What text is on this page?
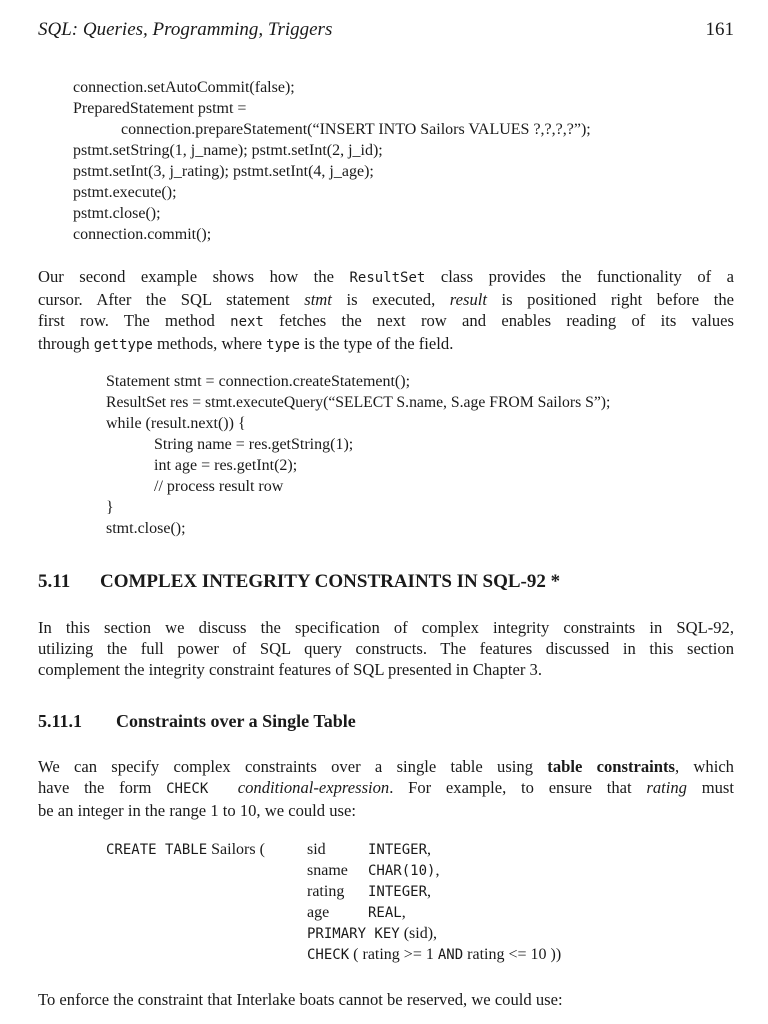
SQL: Queries, Programming, Triggers	161
connection.setAutoCommit(false);
PreparedStatement pstmt =
connection.prepareStatement(“INSERT INTO Sailors VALUES ?,?,?,?”);
pstmt.setString(1, j_name); pstmt.setInt(2, j_id);
pstmt.setInt(3, j_rating); pstmt.setInt(4, j_age);
pstmt.execute();
pstmt.close();
connection.commit();
Our second example shows how the ResultSet class provides the functionality of a
cursor. After the SQL statement stmt is executed, result is positioned right before the
first row. The method next fetches the next row and enables reading of its values
through gettype methods, where type is the type of the field.
Statement stmt = connection.createStatement();
ResultSet res = stmt.executeQuery(“SELECT S.name, S.age FROM Sailors S”);
while (result.next()) {
String name = res.getString(1);
int age = res.getInt(2);
// process result row
}
stmt.close();
5.11 COMPLEX INTEGRITY CONSTRAINTS IN SQL-92 *
In this section we discuss the specification of complex integrity constraints in SQL-92,
utilizing the full power of SQL query constructs. The features discussed in this section
complement the integrity constraint features of SQL presented in Chapter 3.
5.11.1 Constraints over a Single Table
We can specify complex constraints over a single table using table constraints, which
have the form CHECK conditional-expression. For example, to ensure that rating must
be an integer in the range 1 to 10, we could use:
CREATE TABLE Sailors (	sid	INTEGER,
sname CHAR(10),
rating INTEGER,
age	REAL,
PRIMARY KEY (sid),
CHECK ( rating >= 1 AND rating <= 10 ))
To enforce the constraint that Interlake boats cannot be reserved, we could use:
